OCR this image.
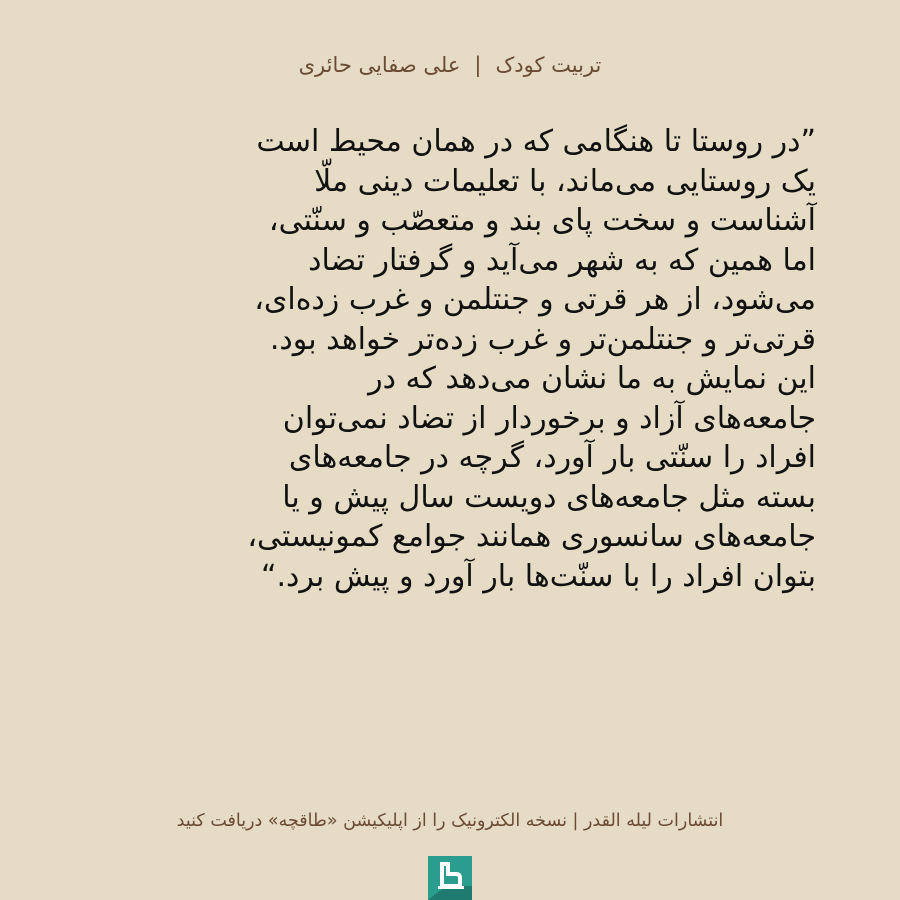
تربیت کودک|علی صفایی حائری
”در روستا تا هنگامی که در همان محیط است
یک روستایی می‌ماند، با تعلیمات دینی ملّا
آشناست و سخت پای بند و متعصّب و سنّتی،
اما همین که به شهر می‌آید و گرفتار تضاد
می‌شود، از هر قرتی و جنتلمن و غرب زده‌ای،
قرتی‌تر و جنتلمن‌تر و غرب زده‌تر خواهد بود.
این نمایش به ما نشان می‌دهد که در
جامعه‌های آزاد و برخوردار از تضاد نمی‌توان
افراد را سنّتی بار آورد، گرچه در جامعه‌های
بسته مثل جامعه‌های دویست سال پیش و یا
جامعه‌های سانسوری همانند جوامع کمونیستی،
بتوان افراد را با سنّت‌ها بار آورد و پیش برد.“
انتشارات لیله القدر | نسخه الکترونیک را از اپلیکیشن «طاقچه» دریافت کنید
